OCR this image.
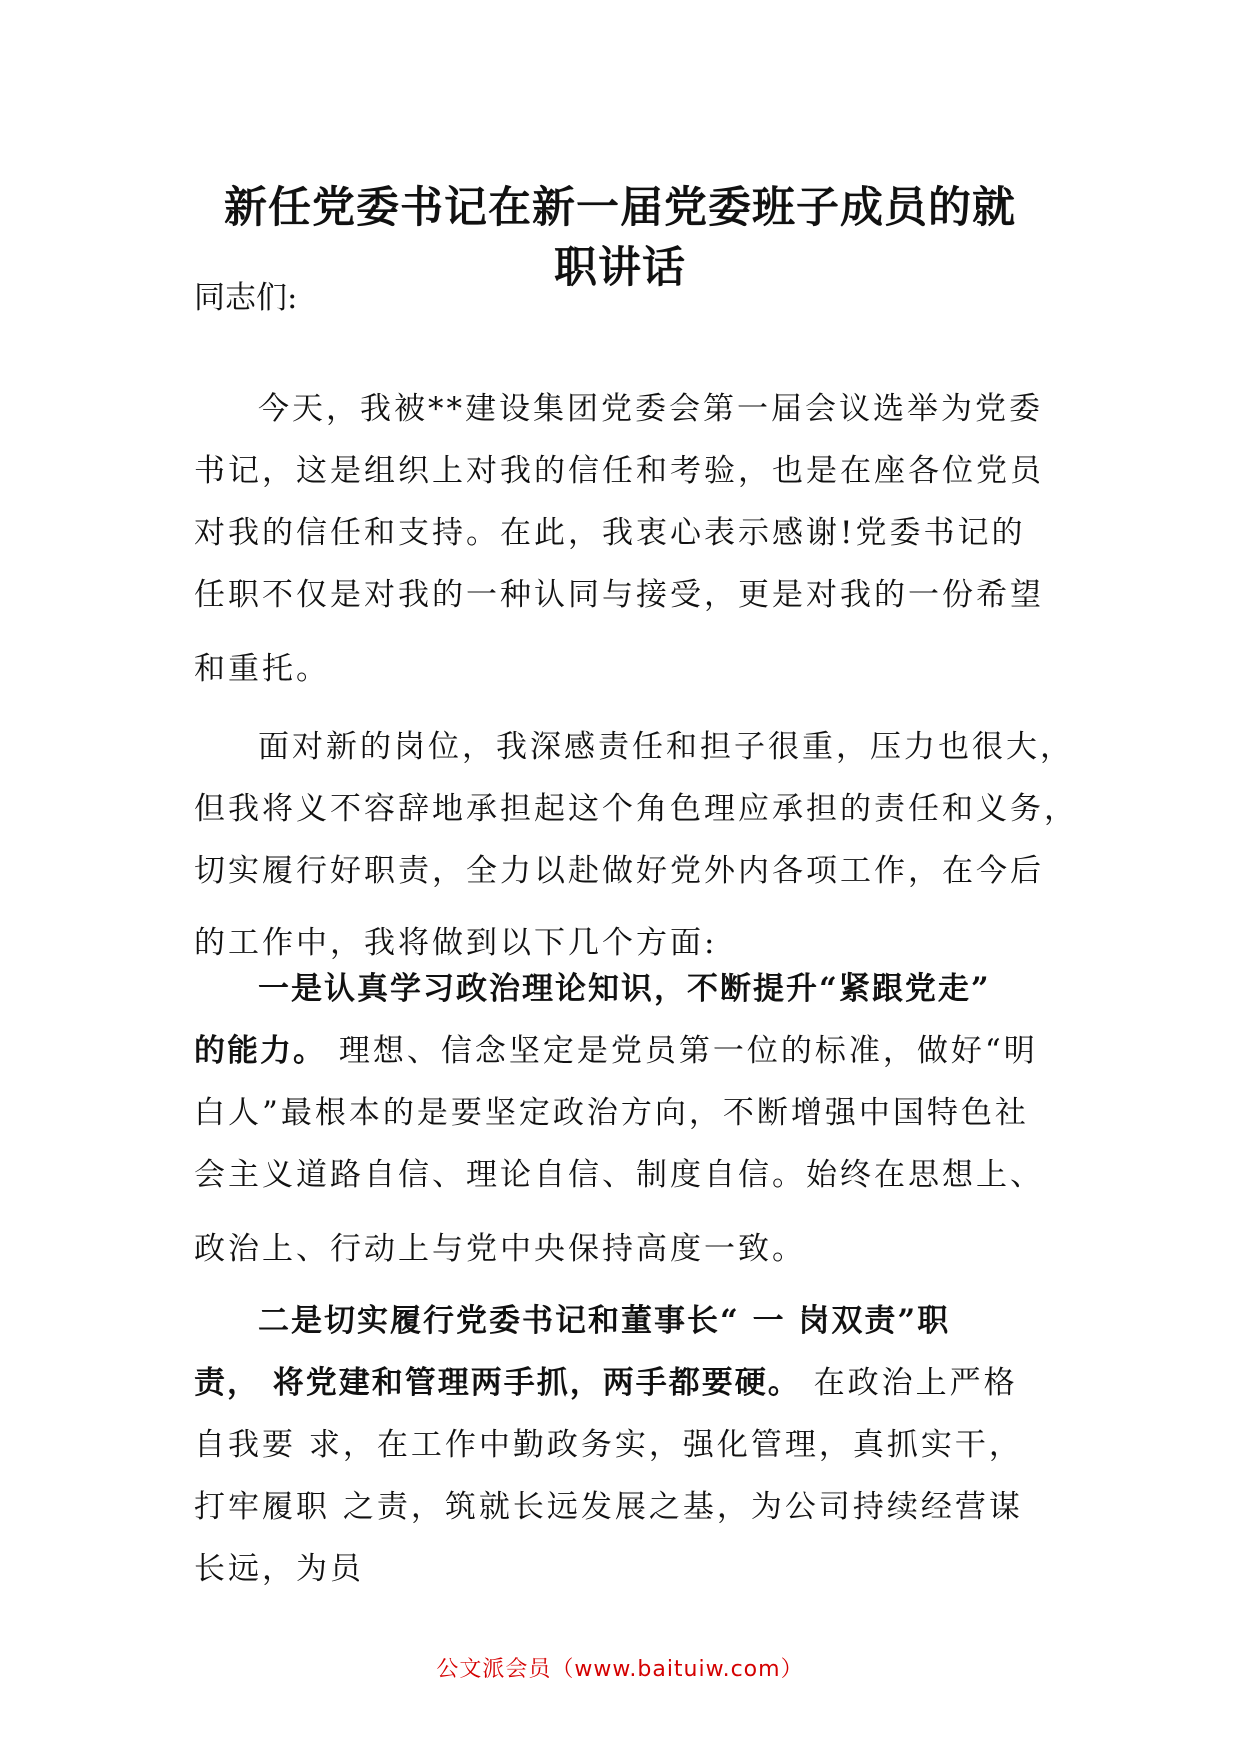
新任党委书记在新一届党委班子成员的就
职讲话
同志们:
今天，我被**建设集团党委会第一届会议选举为党委
书记，这是组织上对我的信任和考验，也是在座各位党员
对我的信任和支持。在此，我衷心表示感谢!党委书记的
任职不仅是对我的一种认同与接受，更是对我的一份希望
和重托。
面对新的岗位，我深感责任和担子很重，压力也很大，
但我将义不容辞地承担起这个角色理应承担的责任和义务，
切实履行好职责，全力以赴做好党外内各项工作，在今后
的工作中，我将做到以下几个方面:
一是认真学习政治理论知识，不断提升“紧跟党走”
的能力。 理想、信念坚定是党员第一位的标准，做好“明
白人”最根本的是要坚定政治方向，不断增强中国特色社
会主义道路自信、理论自信、制度自信。始终在思想上、
政治上、行动上与党中央保持高度一致。
二是切实履行党委书记和董事长“ 一 岗双责”职
责， 将党建和管理两手抓，两手都要硬。 在政治上严格
自我要 求，在工作中勤政务实，强化管理，真抓实干，
打牢履职 之责，筑就长远发展之基，为公司持续经营谋
长远，为员
公文派会员（www.baituiw.com）
